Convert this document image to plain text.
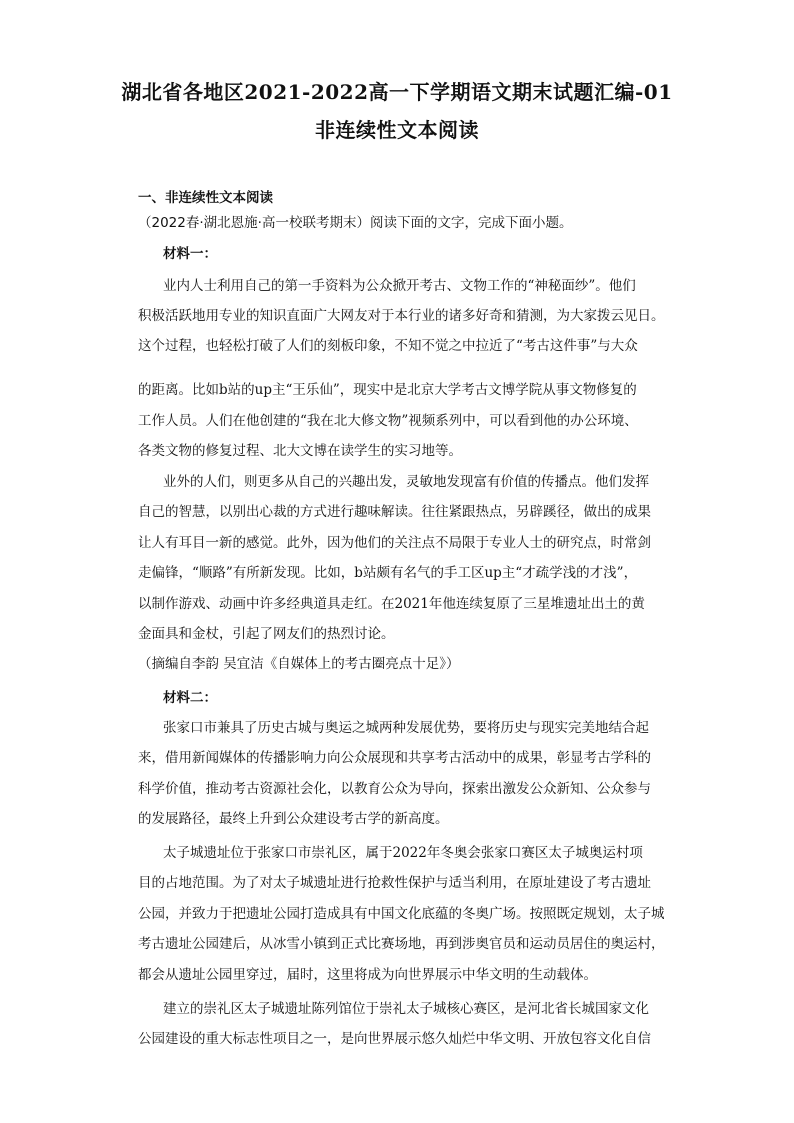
湖北省各地区2021-2022高一下学期语文期末试题汇编-01
非连续性文本阅读
一、非连续性文本阅读
（2022春·湖北恩施·高一校联考期末）阅读下面的文字，完成下面小题。
材料一：
业内人士利用自己的第一手资料为公众掀开考古、文物工作的“神秘面纱”。他们
积极活跃地用专业的知识直面广大网友对于本行业的诸多好奇和猜测，为大家拨云见日。
这个过程，也轻松打破了人们的刻板印象，不知不觉之中拉近了“考古这件事”与大众
的距离。比如b站的up主“王乐仙”，现实中是北京大学考古文博学院从事文物修复的
工作人员。人们在他创建的“我在北大修文物”视频系列中，可以看到他的办公环境、
各类文物的修复过程、北大文博在读学生的实习地等。
业外的人们，则更多从自己的兴趣出发，灵敏地发现富有价值的传播点。他们发挥
自己的智慧，以别出心裁的方式进行趣味解读。往往紧跟热点，另辟蹊径，做出的成果
让人有耳目一新的感觉。此外，因为他们的关注点不局限于专业人士的研究点，时常剑
走偏锋，“顺路”有所新发现。比如，b站颇有名气的手工区up主“才疏学浅的才浅”，
以制作游戏、动画中许多经典道具走红。在2021年他连续复原了三星堆遗址出土的黄
金面具和金杖，引起了网友们的热烈讨论。
（摘编自李韵 吴宜洁《自媒体上的考古圈亮点十足》）
材料二：
张家口市兼具了历史古城与奥运之城两种发展优势，要将历史与现实完美地结合起
来，借用新闻媒体的传播影响力向公众展现和共享考古活动中的成果，彰显考古学科的
科学价值，推动考古资源社会化，以教育公众为导向，探索出激发公众新知、公众参与
的发展路径，最终上升到公众建设考古学的新高度。
太子城遗址位于张家口市崇礼区，属于2022年冬奥会张家口赛区太子城奥运村项
目的占地范围。为了对太子城遗址进行抢救性保护与适当利用，在原址建设了考古遗址
公园，并致力于把遗址公园打造成具有中国文化底蕴的冬奥广场。按照既定规划，太子城
考古遗址公园建后，从冰雪小镇到正式比赛场地，再到涉奥官员和运动员居住的奥运村，
都会从遗址公园里穿过，届时，这里将成为向世界展示中华文明的生动载体。
建立的崇礼区太子城遗址陈列馆位于崇礼太子城核心赛区，是河北省长城国家文化
公园建设的重大标志性项目之一，是向世界展示悠久灿烂中华文明、开放包容文化自信
